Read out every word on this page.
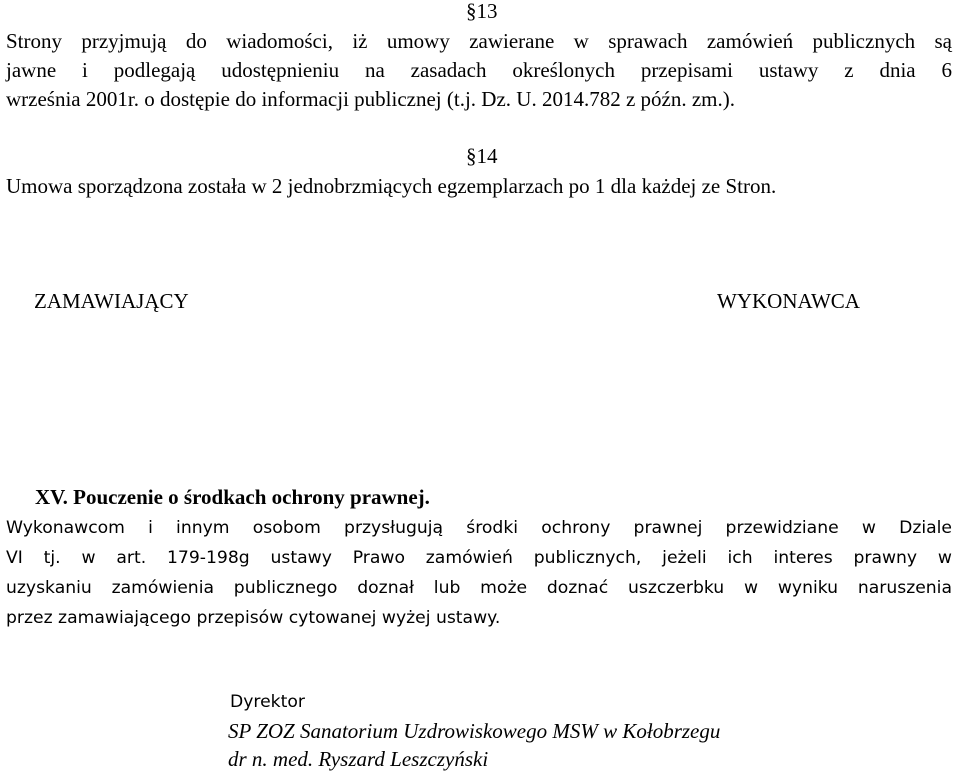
§13
Strony przyjmują do wiadomości, iż umowy zawierane w sprawach zamówień publicznych są
jawne i podlegają udostępnieniu na zasadach określonych przepisami ustawy z dnia 6
września 2001r. o dostępie do informacji publicznej (t.j. Dz. U. 2014.782 z późn. zm.).
§14
Umowa sporządzona została w 2 jednobrzmiących egzemplarzach po 1 dla każdej ze Stron.
ZAMAWIAJĄCY	WYKONAWCA
XV. Pouczenie o środkach ochrony prawnej.
Wykonawcom i innym osobom przysługują środki ochrony prawnej przewidziane w Dziale
VI tj. w art. 179-198g ustawy Prawo zamówień publicznych, jeżeli ich interes prawny w
uzyskaniu zamówienia publicznego doznał lub może doznać uszczerbku w wyniku naruszenia
przez zamawiającego przepisów cytowanej wyżej ustawy.
Dyrektor
SP ZOZ Sanatorium Uzdrowiskowego MSW w Kołobrzegu
dr n. med. Ryszard Leszczyński
